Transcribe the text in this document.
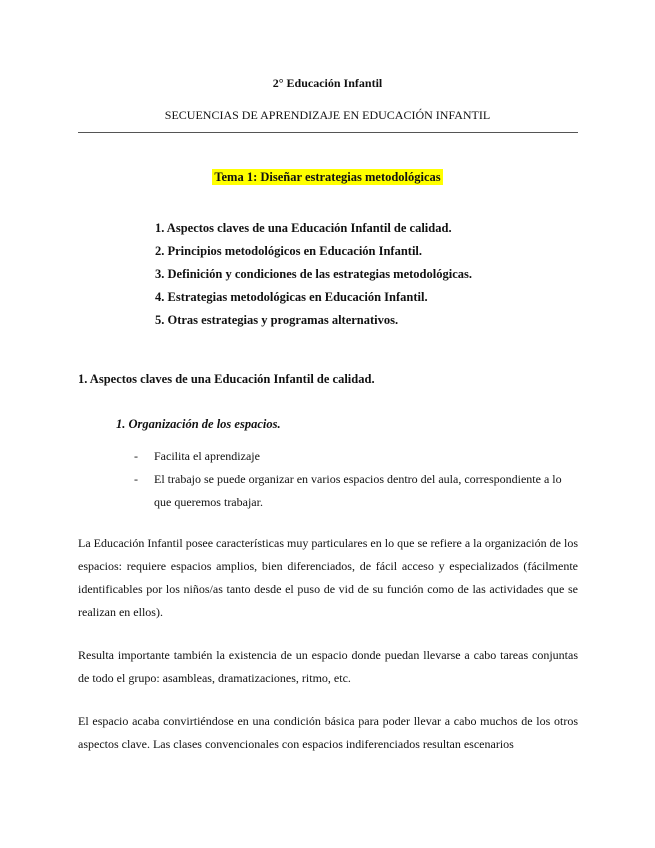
2° Educación Infantil
SECUENCIAS DE APRENDIZAJE EN EDUCACIÓN INFANTIL
Tema 1: Diseñar estrategias metodológicas
1. Aspectos claves de una Educación Infantil de calidad.
2. Principios metodológicos en Educación Infantil.
3. Definición y condiciones de las estrategias metodológicas.
4. Estrategias metodológicas en Educación Infantil.
5. Otras estrategias y programas alternativos.
1. Aspectos claves de una Educación Infantil de calidad.
1. Organización de los espacios.
- Facilita el aprendizaje
- El trabajo se puede organizar en varios espacios dentro del aula, correspondiente a lo que queremos trabajar.

La Educación Infantil posee características muy particulares en lo que se refiere a la organización de los espacios: requiere espacios amplios, bien diferenciados, de fácil acceso y especializados (fácilmente identificables por los niños/as tanto desde el puso de vid de su función como de las actividades que se realizan en ellos).

Resulta importante también la existencia de un espacio donde puedan llevarse a cabo tareas conjuntas de todo el grupo: asambleas, dramatizaciones, ritmo, etc.

El espacio acaba convirtiéndose en una condición básica para poder llevar a cabo muchos de los otros aspectos clave. Las clases convencionales con espacios indiferenciados resultan escenarios
